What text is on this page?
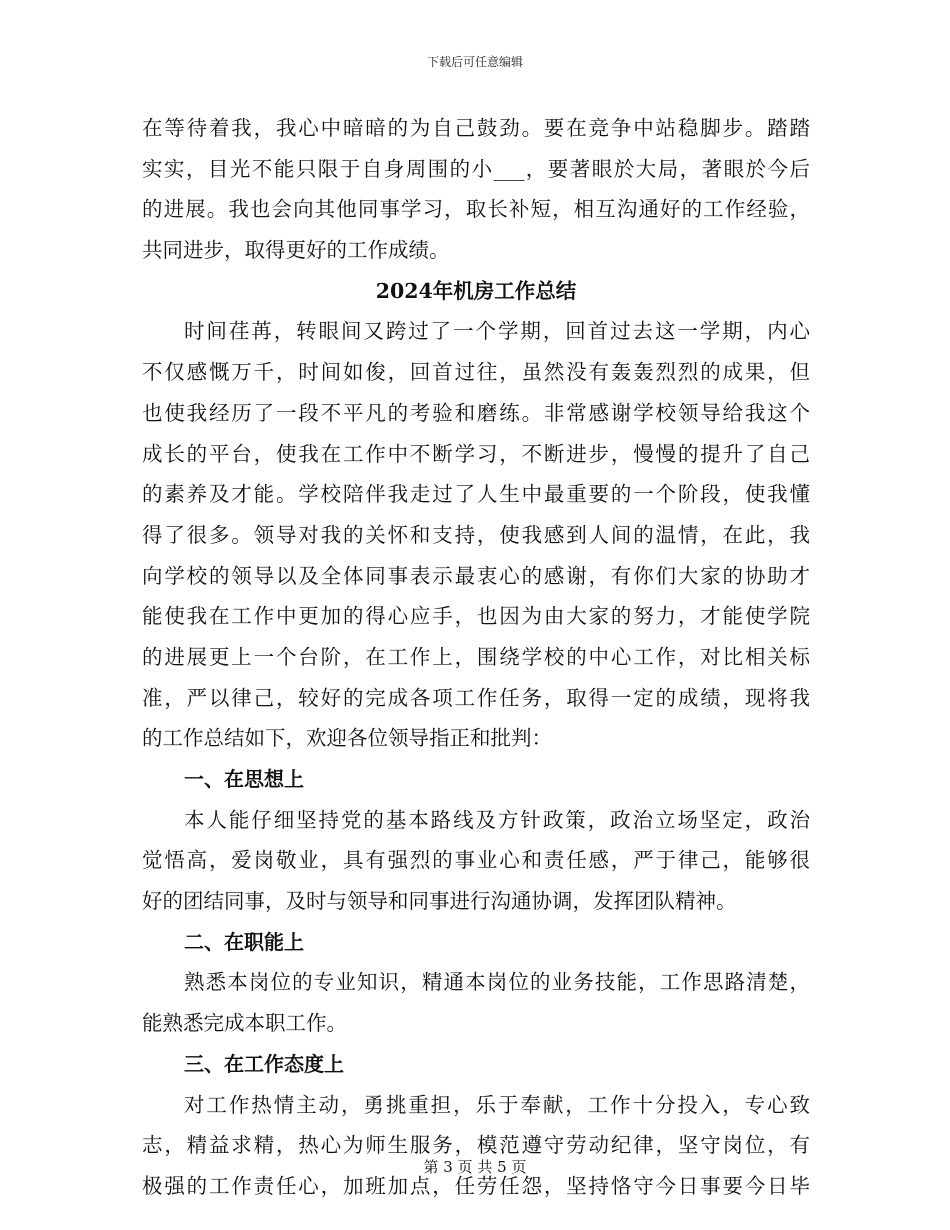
下载后可任意编辑
在等待着我，我心中暗暗的为自己鼓劲。要在竞争中站稳脚步。踏踏
实实，目光不能只限于自身周围的小___，要著眼於大局，著眼於今后
的进展。我也会向其他同事学习，取长补短，相互沟通好的工作经验，
共同进步，取得更好的工作成绩。
2024年机房工作总结
时间荏苒，转眼间又跨过了一个学期，回首过去这一学期，内心
不仅感慨万千，时间如俊，回首过往，虽然没有轰轰烈烈的成果，但
也使我经历了一段不平凡的考验和磨练。非常感谢学校领导给我这个
成长的平台，使我在工作中不断学习，不断进步，慢慢的提升了自己
的素养及才能。学校陪伴我走过了人生中最重要的一个阶段，使我懂
得了很多。领导对我的关怀和支持，使我感到人间的温情，在此，我
向学校的领导以及全体同事表示最衷心的感谢，有你们大家的协助才
能使我在工作中更加的得心应手，也因为由大家的努力，才能使学院
的进展更上一个台阶，在工作上，围绕学校的中心工作，对比相关标
准，严以律己，较好的完成各项工作任务，取得一定的成绩，现将我
的工作总结如下，欢迎各位领导指正和批判：
一、在思想上
本人能仔细坚持党的基本路线及方针政策，政治立场坚定，政治
觉悟高，爱岗敬业，具有强烈的事业心和责任感，严于律己，能够很
好的团结同事，及时与领导和同事进行沟通协调，发挥团队精神。
二、在职能上
熟悉本岗位的专业知识，精通本岗位的业务技能，工作思路清楚，
能熟悉完成本职工作。
三、在工作态度上
对工作热情主动，勇挑重担，乐于奉献，工作十分投入，专心致
志，精益求精，热心为师生服务，模范遵守劳动纪律，坚守岗位，有
极强的工作责任心，加班加点，任劳任怨，坚持恪守今日事要今日毕
第 3 页 共 5 页
